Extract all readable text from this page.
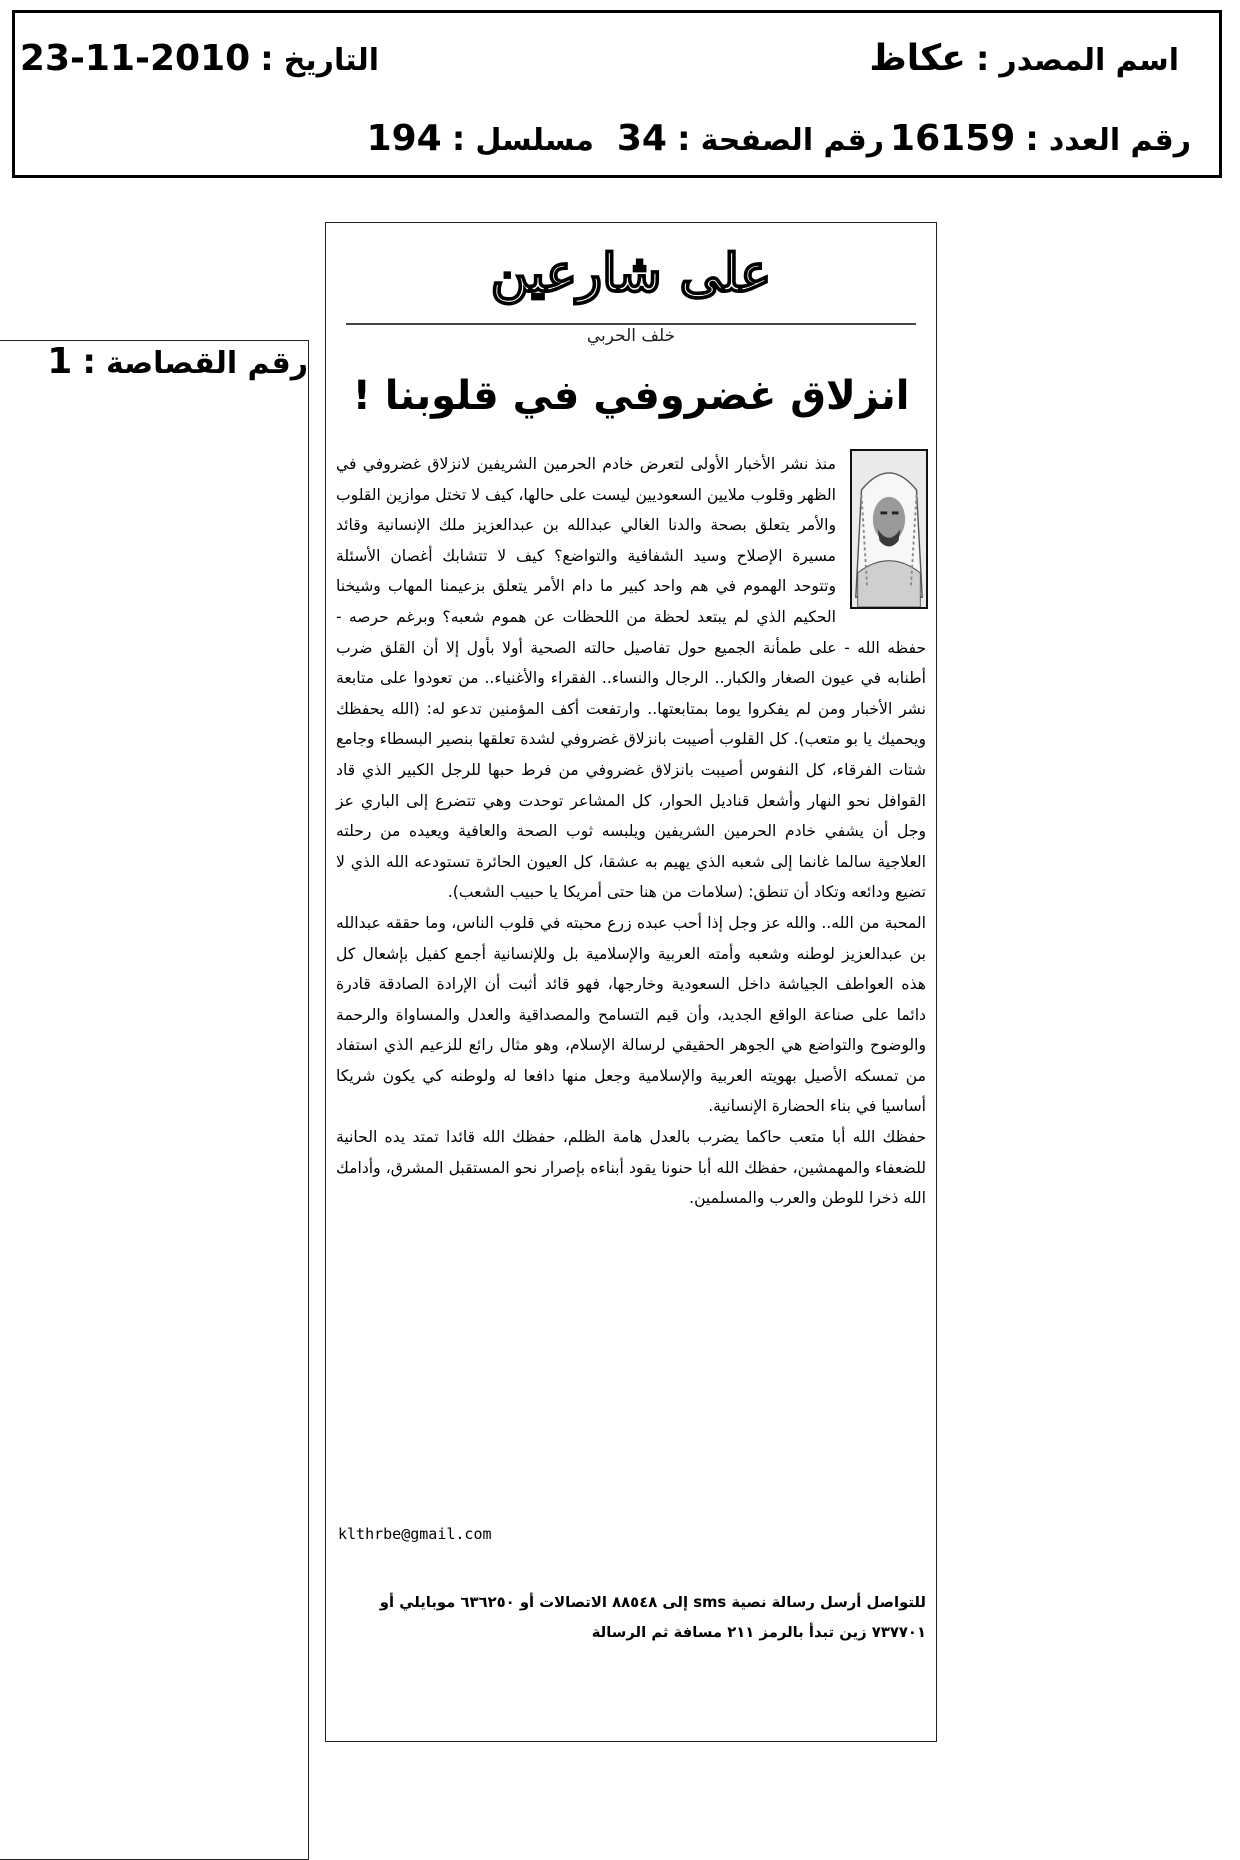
اسم المصدر:عكاظ
التاريخ:23-11-2010
رقم العدد:16159
رقم الصفحة:34
مسلسل:194
رقم القصاصة:1
على شارعين
خلف الحربي
انزلاق غضروفي في قلوبنا !

منذ نشر الأخبار الأولى لتعرض خادم الحرمين الشريفين لانزلاق غضروفي في الظهر وقلوب ملايين السعوديين ليست على حالها، كيف لا تختل موازين القلوب والأمر يتعلق بصحة والدنا الغالي عبدالله بن عبدالعزيز ملك الإنسانية وقائد مسيرة الإصلاح وسيد الشفافية والتواضع؟ كيف لا تتشابك أغصان الأسئلة وتتوحد الهموم في هم واحد كبير ما دام الأمر يتعلق بزعيمنا المهاب وشيخنا الحكيم الذي لم يبتعد لحظة من اللحظات عن هموم شعبه؟ وبرغم حرصه - حفظه الله - على طمأنة الجميع حول تفاصيل حالته الصحية أولا بأول إلا أن القلق ضرب أطنابه في عيون الصغار والكبار.. الرجال والنساء.. الفقراء والأغنياء.. من تعودوا على متابعة نشر الأخبار ومن لم يفكروا يوما بمتابعتها.. وارتفعت أكف المؤمنين تدعو له: (الله يحفظك ويحميك يا بو متعب). كل القلوب أصيبت بانزلاق غضروفي لشدة تعلقها بنصير البسطاء وجامع شتات الفرقاء، كل النفوس أصيبت بانزلاق غضروفي من فرط حبها للرجل الكبير الذي قاد القوافل نحو النهار وأشعل قناديل الحوار، كل المشاعر توحدت وهي تتضرع إلى الباري عز وجل أن يشفي خادم الحرمين الشريفين ويلبسه ثوب الصحة والعافية ويعيده من رحلته العلاجية سالما غانما إلى شعبه الذي يهيم به عشقا، كل العيون الحائرة تستودعه الله الذي لا تضيع ودائعه وتكاد أن تنطق: (سلامات من هنا حتى أمريكا يا حبيب الشعب).

المحبة من الله.. والله عز وجل إذا أحب عبده زرع محبته في قلوب الناس، وما حققه عبدالله بن عبدالعزيز لوطنه وشعبه وأمته العربية والإسلامية بل وللإنسانية أجمع كفيل بإشعال كل هذه العواطف الجياشة داخل السعودية وخارجها، فهو قائد أثبت أن الإرادة الصادقة قادرة دائما على صناعة الواقع الجديد، وأن قيم التسامح والمصداقية والعدل والمساواة والرحمة والوضوح والتواضع هي الجوهر الحقيقي لرسالة الإسلام، وهو مثال رائع للزعيم الذي استفاد من تمسكه الأصيل بهويته العربية والإسلامية وجعل منها دافعا له ولوطنه كي يكون شريكا أساسيا في بناء الحضارة الإنسانية.

حفظك الله أبا متعب حاكما يضرب بالعدل هامة الظلم، حفظك الله قائدا تمتد يده الحانية للضعفاء والمهمشين، حفظك الله أبا حنونا يقود أبناءه بإصرار نحو المستقبل المشرق، وأدامك الله ذخرا للوطن والعرب والمسلمين.

klthrbe@gmail.com
للتواصل أرسل رسالة نصية sms إلى ٨٨٥٤٨ الاتصالات أو ٦٣٦٢٥٠ موبايلي أو ٧٣٧٧٠١ زين تبدأ بالرمز ٢١١ مسافة ثم الرسالة
